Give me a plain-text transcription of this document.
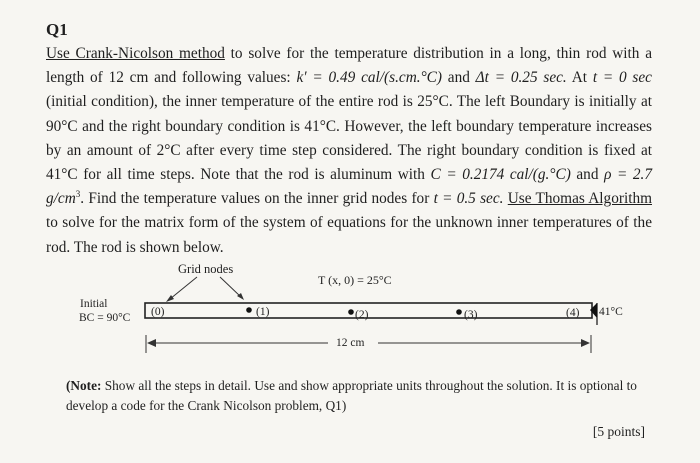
Q1
Use Crank-Nicolson method to solve for the temperature distribution in a long, thin rod with a length of 12 cm and following values: k′ = 0.49 cal/(s.cm.°C) and Δt = 0.25 sec. At t = 0 sec (initial condition), the inner temperature of the entire rod is 25°C. The left Boundary is initially at 90°C and the right boundary condition is 41°C. However, the left boundary temperature increases by an amount of 2°C after every time step considered. The right boundary condition is fixed at 41°C for all time steps. Note that the rod is aluminum with C = 0.2174 cal/(g.°C) and ρ = 2.7 $g/cm^3$. Find the temperature values on the inner grid nodes for t = 0.5 sec. Use Thomas Algorithm to solve for the matrix form of the system of equations for the unknown inner temperatures of the rod. The rod is shown below.
Grid nodes
T (x, 0) = 25°C
Initial
BC = 90°C	41°C
(0)	(1)	(2)	(3)	(4)
12 cm
(Note: Show all the steps in detail. Use and show appropriate units throughout the solution. It is optional to develop a code for the Crank Nicolson problem, Q1)
[5 points]
